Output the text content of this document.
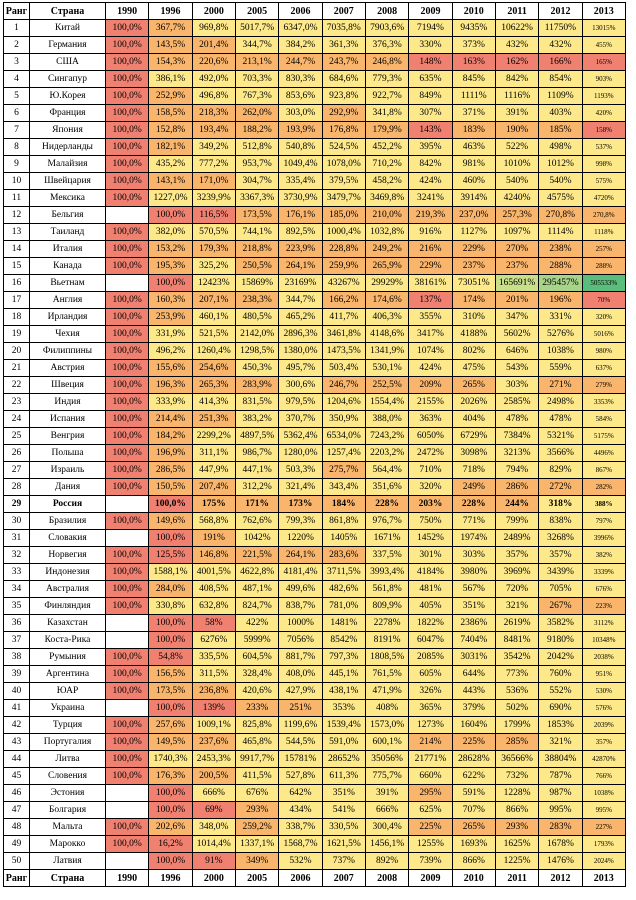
Ранг	Страна	1990	1996	2000	2005	2006	2007	2008	2009	2010	2011	2012	2013
1	Китай	100,0%	367,7%	969,8%	5017,7%	6347,0%	7035,8%	7903,6%	7194%	9435%	10622%	11750%	13015%
2	Германия	100,0%	143,5%	201,4%	344,7%	384,2%	361,3%	376,3%	330%	373%	432%	432%	455%
3	США	100,0%	154,3%	220,6%	213,1%	244,7%	243,7%	246,8%	148%	163%	162%	166%	165%
4	Сингапур	100,0%	386,1%	492,0%	703,3%	830,3%	684,6%	779,3%	635%	845%	842%	854%	903%
5	Ю.Корея	100,0%	252,9%	496,8%	767,3%	853,6%	923,8%	922,7%	849%	1111%	1116%	1109%	1193%
6	Франция	100,0%	158,5%	218,3%	262,0%	303,0%	292,9%	341,8%	307%	371%	391%	403%	420%
7	Япония	100,0%	152,8%	193,4%	188,2%	193,9%	176,8%	179,9%	143%	183%	190%	185%	158%
8	Нидерланды	100,0%	182,1%	349,2%	512,8%	540,8%	524,5%	452,2%	395%	463%	522%	498%	537%
9	Малайзия	100,0%	435,2%	777,2%	953,7%	1049,4%	1078,0%	710,2%	842%	981%	1010%	1012%	998%
10	Швейцария	100,0%	143,1%	171,0%	304,7%	335,4%	379,5%	458,2%	424%	460%	540%	540%	575%
11	Мексика	100,0%	1227,0%	3239,9%	3367,3%	3730,9%	3479,7%	3469,8%	3241%	3914%	4240%	4575%	4720%
12	Бельгия		100,0%	116,5%	173,5%	176,1%	185,0%	210,0%	219,3%	237,0%	257,3%	270,8%	270,8%
13	Таиланд	100,0%	382,0%	570,5%	744,1%	892,5%	1000,4%	1032,8%	916%	1127%	1097%	1114%	1118%
14	Италия	100,0%	153,2%	179,3%	218,8%	223,9%	228,8%	249,2%	216%	229%	270%	238%	257%
15	Канада	100,0%	195,3%	325,2%	250,5%	264,1%	259,9%	265,9%	229%	237%	237%	288%	288%
16	Вьетнам		100,0%	12423%	15869%	23169%	43267%	29929%	38161%	73051%	165691%	295457%	505533%
17	Англия	100,0%	160,3%	207,1%	238,3%	344,7%	166,2%	174,6%	137%	174%	201%	196%	70%
18	Ирландия	100,0%	253,9%	460,1%	480,5%	465,2%	411,7%	406,3%	355%	310%	347%	331%	320%
19	Чехия	100,0%	331,9%	521,5%	2142,0%	2896,3%	3461,8%	4148,6%	3417%	4188%	5602%	5276%	5016%
20	Филиппины	100,0%	496,2%	1260,4%	1298,5%	1380,0%	1473,5%	1341,9%	1074%	802%	646%	1038%	980%
21	Австрия	100,0%	155,6%	254,6%	450,3%	495,7%	503,4%	530,1%	424%	475%	543%	559%	637%
22	Швеция	100,0%	196,3%	265,3%	283,9%	300,6%	246,7%	252,5%	209%	265%	303%	271%	279%
23	Индия	100,0%	333,9%	414,3%	831,5%	979,5%	1204,6%	1554,4%	2155%	2026%	2585%	2498%	3353%
24	Испания	100,0%	214,4%	251,3%	383,2%	370,7%	350,9%	388,0%	363%	404%	478%	478%	584%
25	Венгрия	100,0%	184,2%	2299,2%	4897,5%	5362,4%	6534,0%	7243,2%	6050%	6729%	7384%	5321%	5175%
26	Польша	100,0%	196,9%	311,1%	986,7%	1280,0%	1257,4%	2203,2%	2472%	3098%	3213%	3566%	4496%
27	Израиль	100,0%	286,5%	447,9%	447,1%	503,3%	275,7%	564,4%	710%	718%	794%	829%	867%
28	Дания	100,0%	150,5%	207,4%	312,2%	321,4%	343,4%	351,6%	320%	249%	286%	272%	282%
29	Россия		100,0%	175%	171%	173%	184%	228%	203%	228%	244%	318%	388%
30	Бразилия	100,0%	149,6%	568,8%	762,6%	799,3%	861,8%	976,7%	750%	771%	799%	838%	797%
31	Словакия		100,0%	191%	1042%	1220%	1405%	1671%	1452%	1974%	2489%	3268%	3996%
32	Норвегия	100,0%	125,5%	146,8%	221,5%	264,1%	283,6%	337,5%	301%	303%	357%	357%	382%
33	Индонезия	100,0%	1588,1%	4001,5%	4622,8%	4181,4%	3711,5%	3993,4%	4184%	3980%	3969%	3439%	3339%
34	Австралия	100,0%	284,0%	408,5%	487,1%	499,6%	482,6%	561,8%	481%	567%	720%	705%	676%
35	Финляндия	100,0%	330,8%	632,8%	824,7%	838,7%	781,0%	809,9%	405%	351%	321%	267%	223%
36	Казахстан		100,0%	58%	422%	1000%	1481%	2278%	1822%	2386%	2619%	3582%	3112%
37	Коста-Рика		100,0%	6276%	5999%	7056%	8542%	8191%	6047%	7404%	8481%	9180%	10348%
38	Румыния	100,0%	54,8%	335,5%	604,5%	881,7%	797,3%	1808,5%	2085%	3031%	3542%	2042%	2038%
39	Аргентина	100,0%	156,5%	311,5%	328,4%	408,0%	445,1%	761,5%	605%	644%	773%	760%	951%
40	ЮАР	100,0%	173,5%	236,8%	420,6%	427,9%	438,1%	471,9%	326%	443%	536%	552%	530%
41	Украина		100,0%	139%	233%	251%	353%	408%	365%	379%	502%	690%	576%
42	Турция	100,0%	257,6%	1009,1%	825,8%	1199,6%	1539,4%	1573,0%	1273%	1604%	1799%	1853%	2039%
43	Португалия	100,0%	149,5%	237,6%	465,8%	544,5%	591,0%	600,1%	214%	225%	285%	321%	357%
44	Литва	100,0%	1740,3%	2453,3%	9917,7%	15781%	28652%	35056%	21771%	28628%	36566%	38804%	42870%
45	Словения	100,0%	176,3%	200,5%	411,5%	527,8%	611,3%	775,7%	660%	622%	732%	787%	766%
46	Эстония		100,0%	666%	676%	642%	351%	391%	295%	591%	1228%	987%	1038%
47	Болгария		100,0%	69%	293%	434%	541%	666%	625%	707%	866%	995%	995%
48	Мальта	100,0%	202,6%	348,0%	259,2%	338,7%	330,5%	300,4%	225%	265%	293%	283%	227%
49	Марокко	100,0%	16,2%	1014,4%	1337,1%	1568,7%	1621,5%	1456,1%	1255%	1693%	1625%	1678%	1793%
50	Латвия		100,0%	91%	349%	532%	737%	892%	739%	866%	1225%	1476%	2024%
Ранг	Страна	1990	1996	2000	2005	2006	2007	2008	2009	2010	2011	2012	2013
